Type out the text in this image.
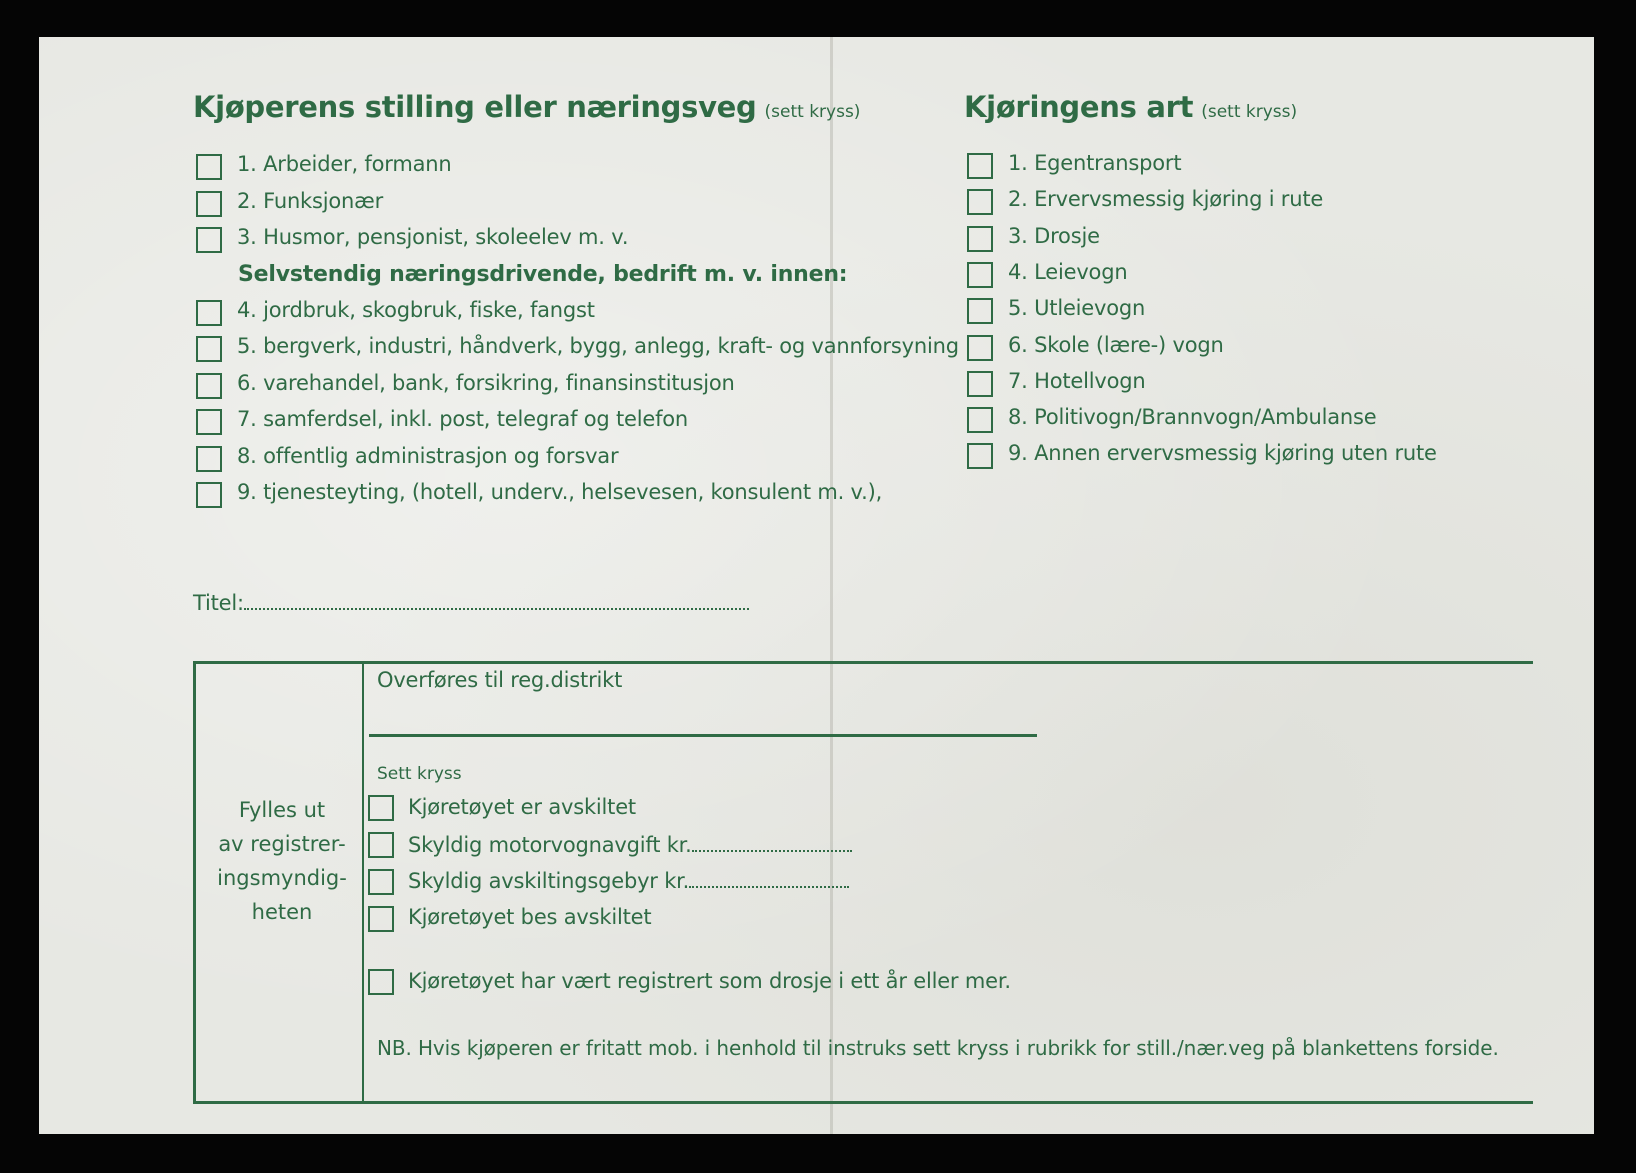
Kjøperens stilling eller næringsveg (sett kryss)
1. Arbeider, formann
2. Funksjonær
3. Husmor, pensjonist, skoleelev m. v.
Selvstendig næringsdrivende, bedrift m. v. innen:
4. jordbruk, skogbruk, fiske, fangst
5. bergverk, industri, håndverk, bygg, anlegg, kraft- og vannforsyning
6. varehandel, bank, forsikring, finansinstitusjon
7. samferdsel, inkl. post, telegraf og telefon
8. offentlig administrasjon og forsvar
9. tjenesteyting, (hotell, underv., helsevesen, konsulent m. v.),
Kjøringens art (sett kryss)
1. Egentransport
2. Ervervsmessig kjøring i rute
3. Drosje
4. Leievogn
5. Utleievogn
6. Skole (lære-) vogn
7. Hotellvogn
8. Politivogn/Brannvogn/Ambulanse
9. Annen ervervsmessig kjøring uten rute
Titel:
Fylles ut
av registrer-
ingsmyndig-
heten
Overføres til reg.distrikt
Sett kryss
Kjøretøyet er avskiltet
Skyldig motorvognavgift kr.
Skyldig avskiltingsgebyr kr.
Kjøretøyet bes avskiltet
Kjøretøyet har vært registrert som drosje i ett år eller mer.
NB. Hvis kjøperen er fritatt mob. i henhold til instruks sett kryss i rubrikk for still./nær.veg på blankettens forside.
